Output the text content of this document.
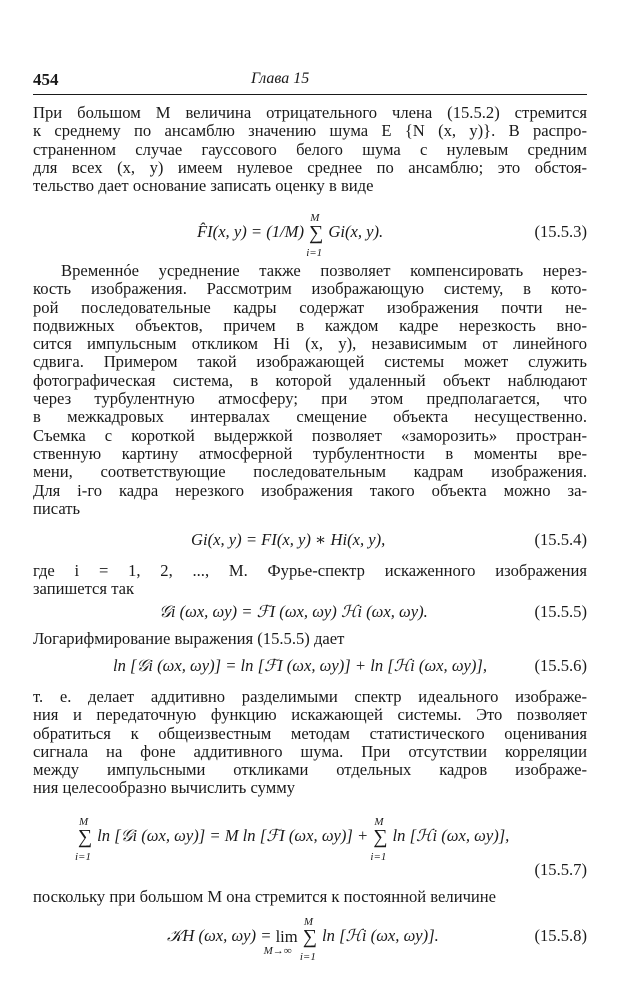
454	Глава 15
При большом M величина отрицательного члена (15.5.2) стремится
к среднему по ансамблю значению шума E {N (x, y)}. В распро-
страненном случае гауссового белого шума с нулевым средним
для всех (x, y) имеем нулевое среднее по ансамблю; это обстоя-
тельство дает основание записать оценку в виде
F̂I(x, y) = (1/M) ∑
M
i=1
Gi(x, y).	(15.5.3)
Временнóе усреднение также позволяет компенсировать нерез-
кость изображения. Рассмотрим изображающую систему, в кото-
рой последовательные кадры содержат изображения почти не-
подвижных объектов, причем в каждом кадре нерезкость вно-
сится импульсным откликом Hi (x, y), независимым от линейного
сдвига. Примером такой изображающей системы может служить
фотографическая система, в которой удаленный объект наблюдают
через турбулентную атмосферу; при этом предполагается, что
в межкадровых интервалах смещение объекта несущественно.
Съемка с короткой выдержкой позволяет «заморозить» простран-
ственную картину атмосферной турбулентности в моменты вре-
мени, соответствующие последовательным кадрам изображения.
Для i-го кадра нерезкого изображения такого объекта можно за-
писать
Gi(x, y) = FI(x, y) ∗ Hi(x, y),	(15.5.4)
где i = 1, 2, ..., M. Фурье-спектр искаженного изображения
запишется так
𝒢i (ωx, ωy) = ℱI (ωx, ωy) ℋi (ωx, ωy).	(15.5.5)
Логарифмирование выражения (15.5.5) дает
ln [𝒢i (ωx, ωy)] = ln [ℱI (ωx, ωy)] + ln [ℋi (ωx, ωy)],	(15.5.6)
т. е. делает аддитивно разделимыми спектр идеального изображе-
ния и передаточную функцию искажающей системы. Это позволяет
обратиться к общеизвестным методам статистического оценивания
сигнала на фоне аддитивного шума. При отсутствии корреляции
между импульсными откликами отдельных кадров изображе-
ния целесообразно вычислить сумму
∑
M
i=1
ln [𝒢i (ωx, ωy)] = M ln [ℱI (ωx, ωy)] + ∑
M
i=1
ln [ℋi (ωx, ωy)],
(15.5.7)
поскольку при большом M она стремится к постоянной величине
𝒦H (ωx, ωy) = lim
M→∞
∑
M
i=1
ln [ℋi (ωx, ωy)].	(15.5.8)
